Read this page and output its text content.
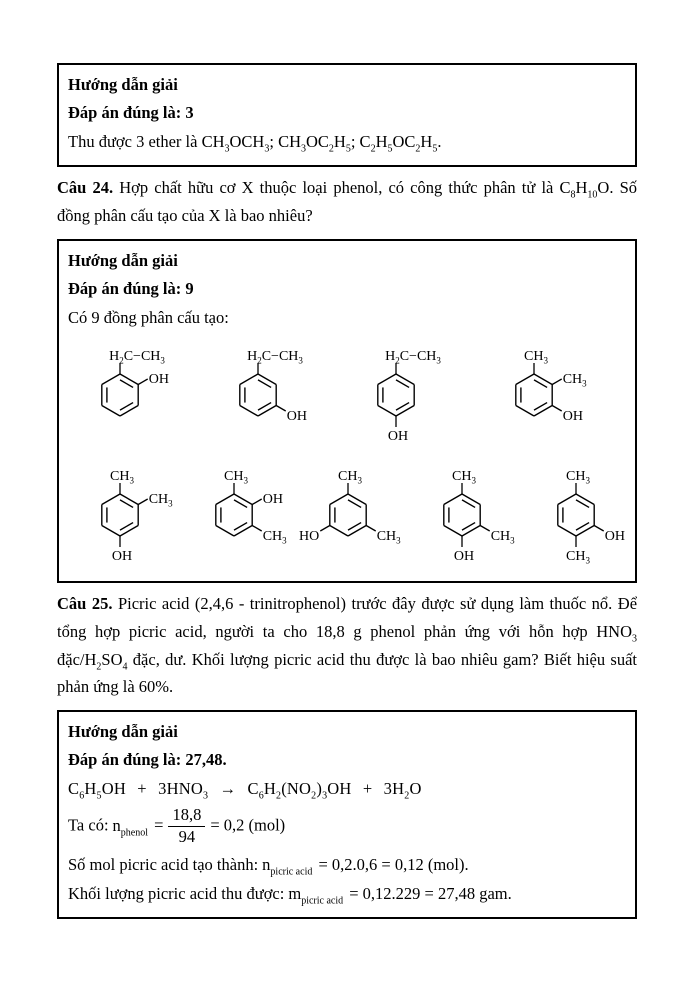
Hướng dẫn giải

Đáp án đúng là: 3

Thu được 3 ether là $CH_3OCH_3$; $CH_3OC_2H_5$; $C_2H_5OC_2H_5$.

Câu 24. Hợp chất hữu cơ X thuộc loại phenol, có công thức phân tử là $C_8H_{10}O$. Số đồng phân cấu tạo của X là bao nhiêu?

Hướng dẫn giải

Đáp án đúng là: 9

Có 9 đồng phân cấu tạo:

$H_2C-CH_3$
OH
$H_2C-CH_3$
OH
$H_2C-CH_3$
OH
$CH_3$
$CH_3$
OH
$CH_3$
$CH_3$
OH
$CH_3$
OH
$CH_3$
$CH_3$
HO	$CH_3$
$CH_3$
$CH_3$
OH
$CH_3$
OH
$CH_3$

Câu 25. Picric acid (2,4,6 - trinitrophenol) trước đây được sử dụng làm thuốc nổ. Để tổng hợp picric acid, người ta cho 18,8 g phenol phản ứng với hỗn hợp $HNO_3$ đặc/$H_2SO_4$ đặc, dư. Khối lượng picric acid thu được là bao nhiêu gam? Biết hiệu suất phản ứng là 60%.

Hướng dẫn giải

Đáp án đúng là: 27,48.

$C_6H_5OH + 3HNO_3 \to C_6H_2(NO_2)_3OH + 3H_2O$

Ta có: $n_{phenol} = \frac{18,8}{94} = 0,2$ (mol)

Số mol picric acid tạo thành: $n_{picric acid} = 0,2.0,6 = 0,12$ (mol).

Khối lượng picric acid thu được: $m_{picric acid} = 0,12.229 = 27,48$ gam.
